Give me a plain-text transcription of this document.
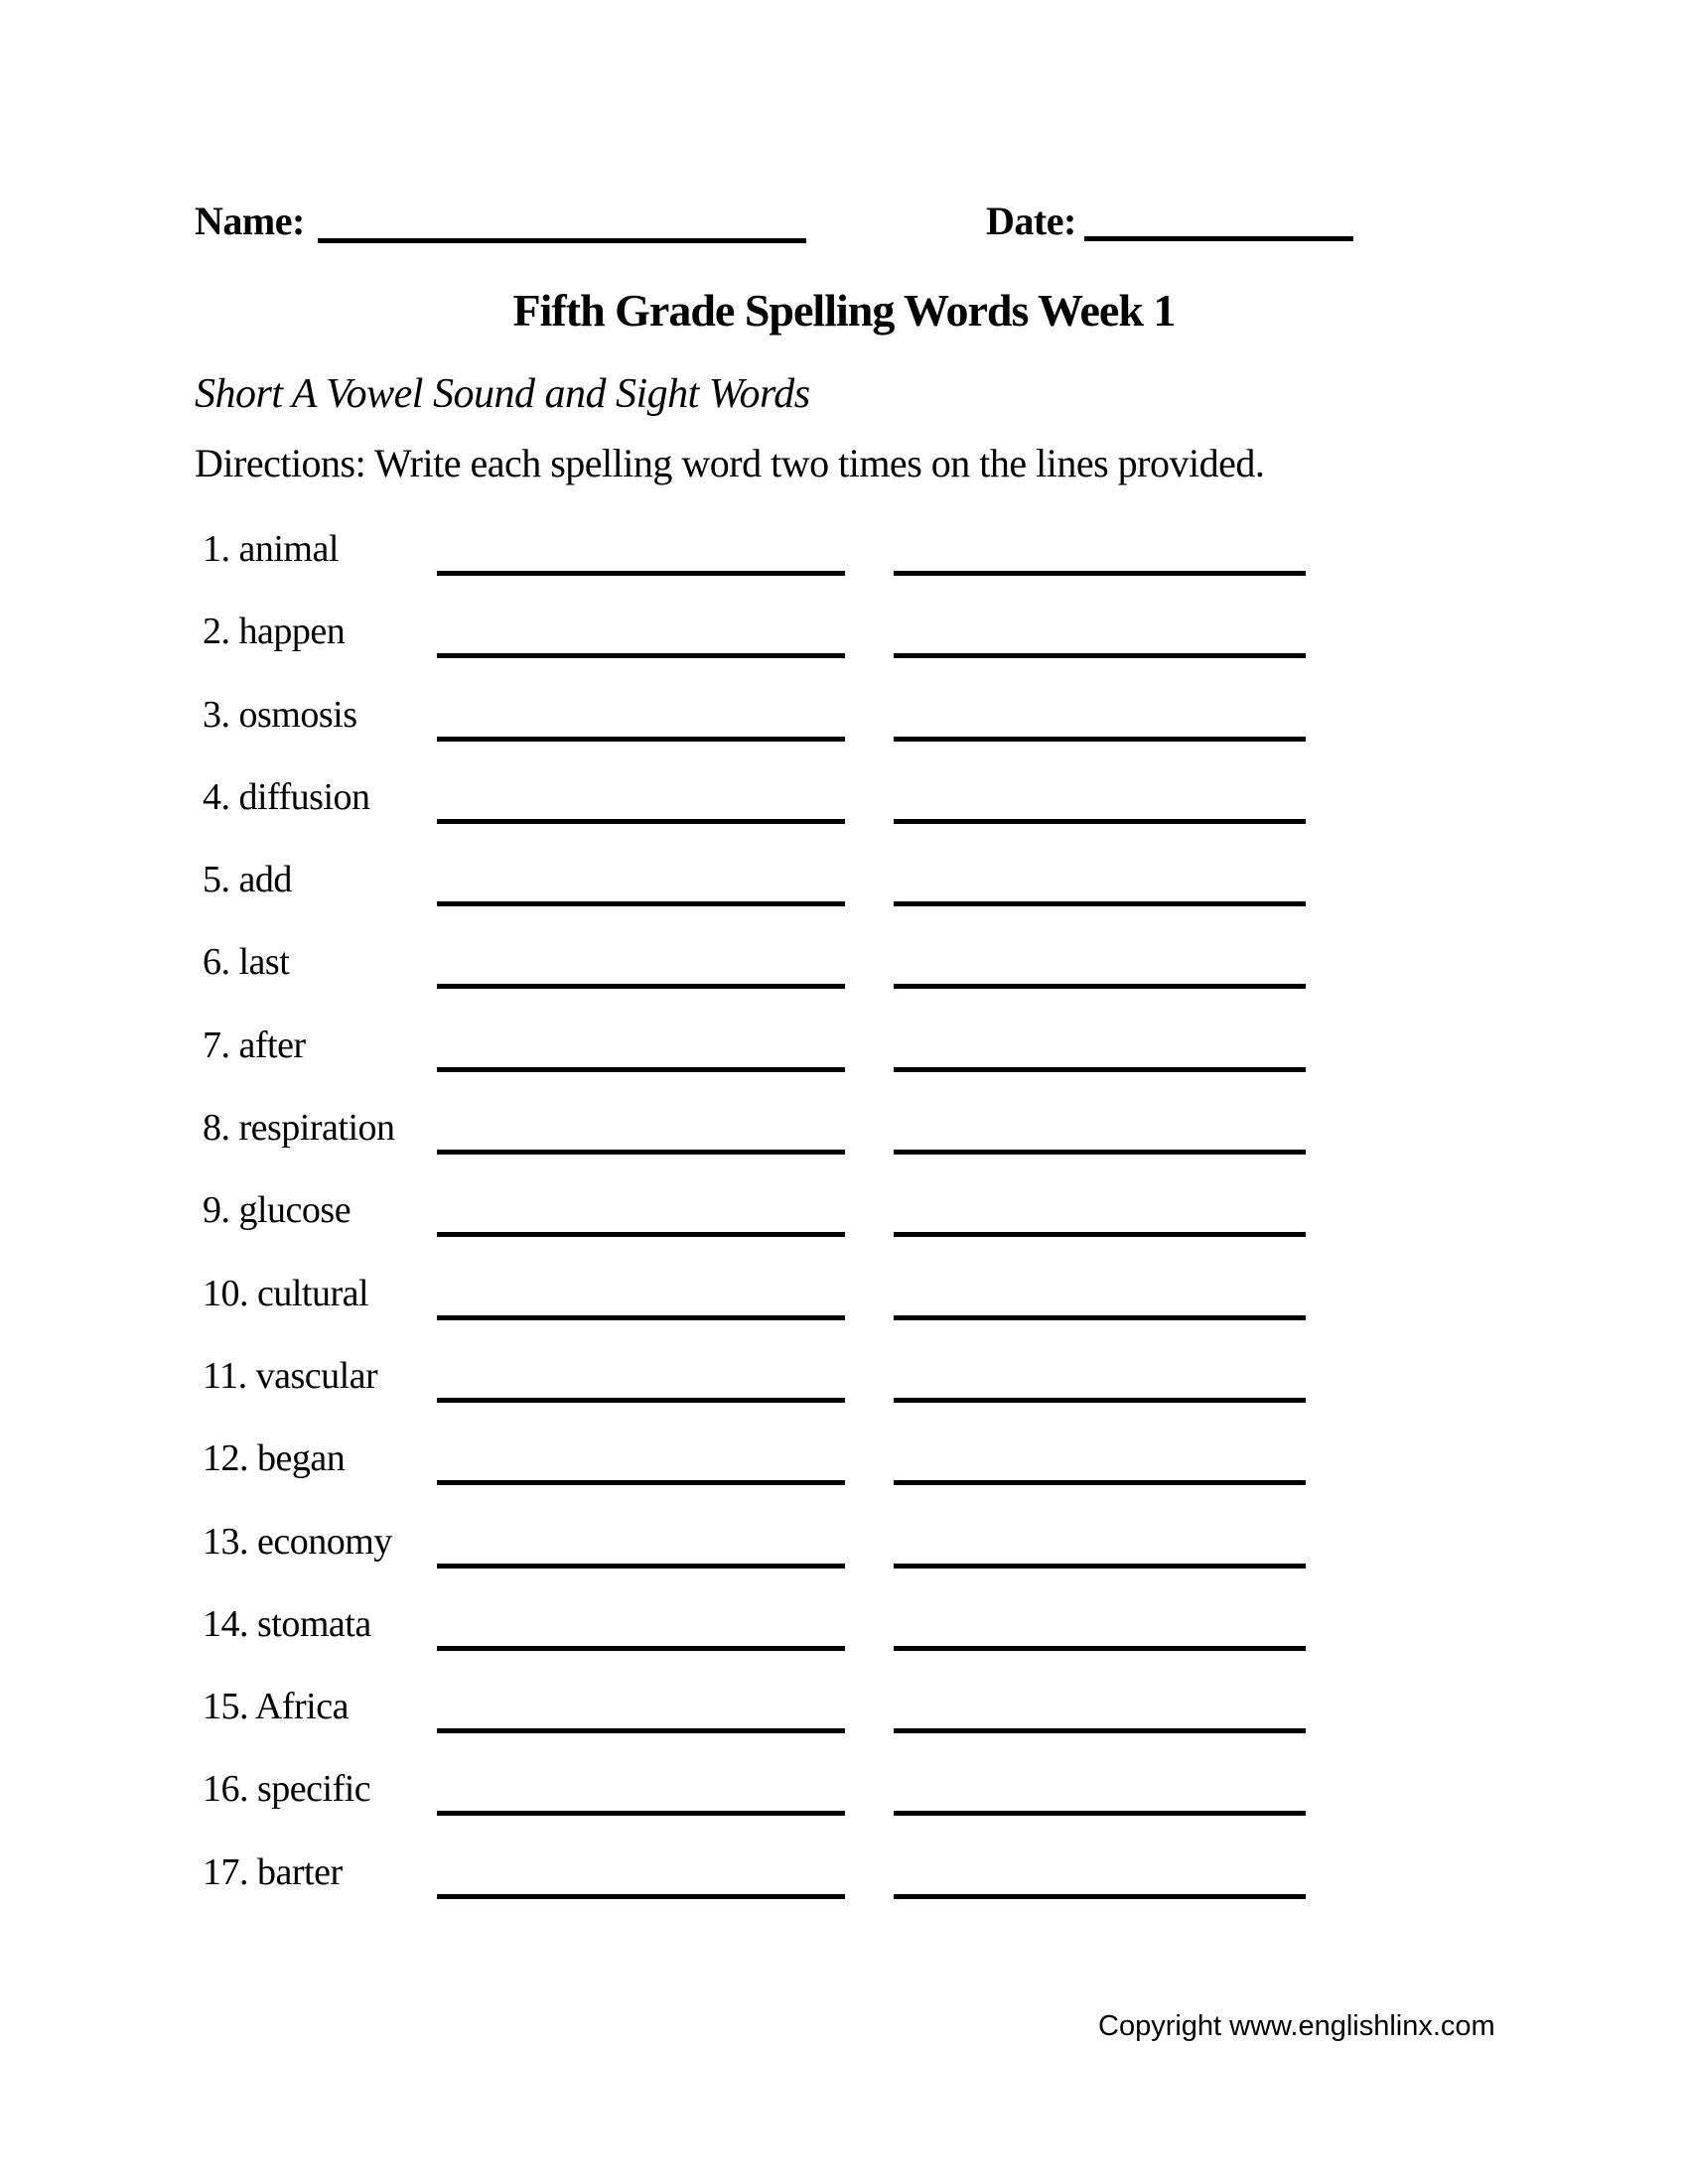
Name:	Date:
Fifth Grade Spelling Words Week 1
Short A Vowel Sound and Sight Words
Directions: Write each spelling word two times on the lines provided.
1. animal
2. happen
3. osmosis
4. diffusion
5. add
6. last
7. after
8. respiration
9. glucose
10. cultural
11. vascular
12. began
13. economy
14. stomata
15. Africa
16. specific
17. barter
Copyright www.englishlinx.com
